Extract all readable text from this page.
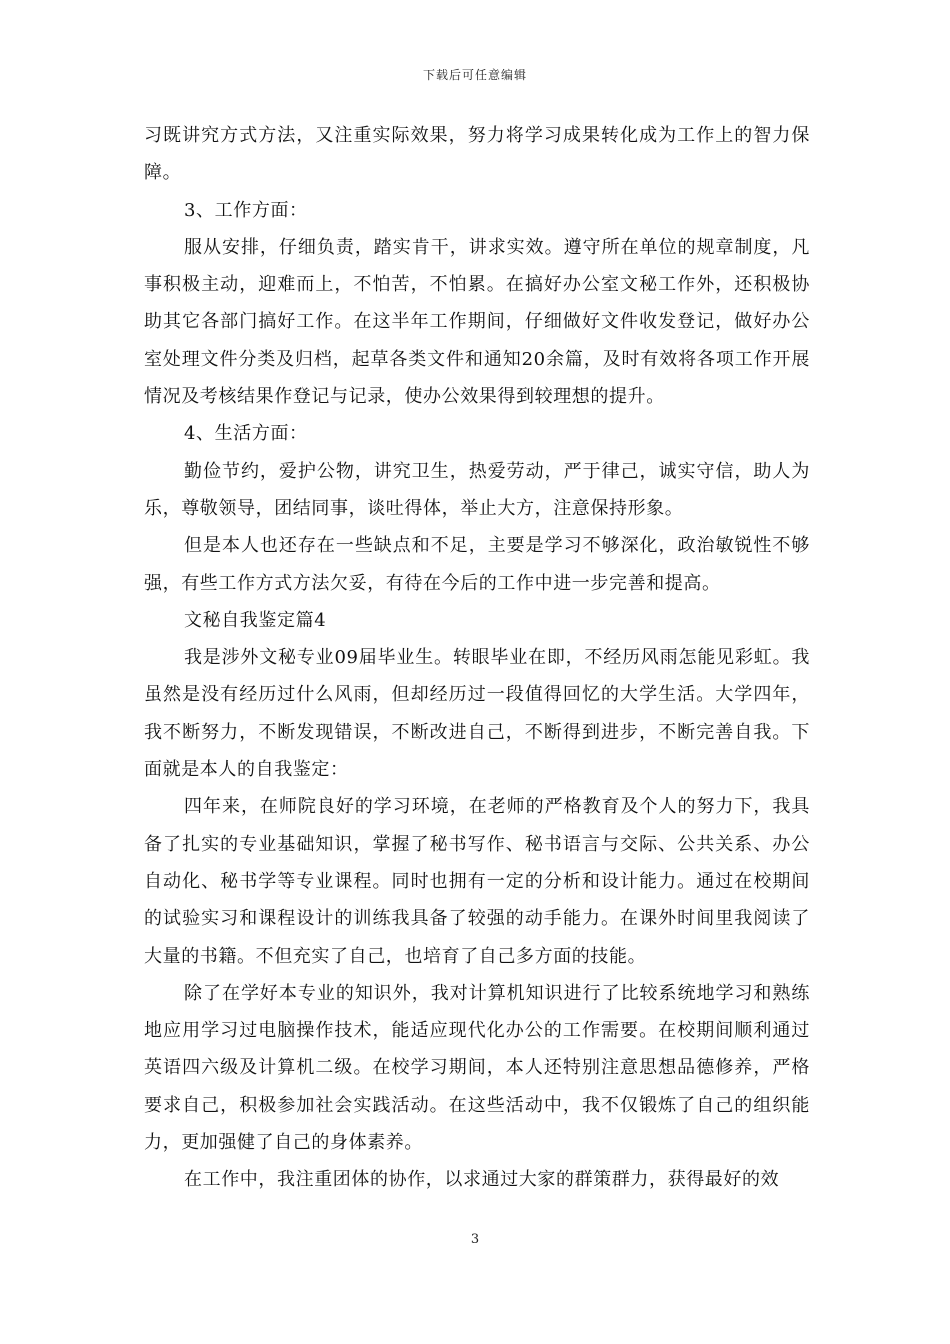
下载后可任意编辑

习既讲究方式方法，又注重实际效果，努力将学习成果转化成为工作上的智力保障。

3、工作方面：

服从安排，仔细负责，踏实肯干，讲求实效。遵守所在单位的规章制度，凡事积极主动，迎难而上，不怕苦，不怕累。在搞好办公室文秘工作外，还积极协助其它各部门搞好工作。在这半年工作期间，仔细做好文件收发登记，做好办公室处理文件分类及归档，起草各类文件和通知20余篇，及时有效将各项工作开展情况及考核结果作登记与记录，使办公效果得到较理想的提升。

4、生活方面：

勤俭节约，爱护公物，讲究卫生，热爱劳动，严于律己，诚实守信，助人为乐，尊敬领导，团结同事，谈吐得体，举止大方，注意保持形象。

但是本人也还存在一些缺点和不足，主要是学习不够深化，政治敏锐性不够强，有些工作方式方法欠妥，有待在今后的工作中进一步完善和提高。

文秘自我鉴定篇4

我是涉外文秘专业09届毕业生。转眼毕业在即，不经历风雨怎能见彩虹。我虽然是没有经历过什么风雨，但却经历过一段值得回忆的大学生活。大学四年，我不断努力，不断发现错误，不断改进自己，不断得到进步，不断完善自我。下面就是本人的自我鉴定：

四年来，在师院良好的学习环境，在老师的严格教育及个人的努力下，我具备了扎实的专业基础知识，掌握了秘书写作、秘书语言与交际、公共关系、办公自动化、秘书学等专业课程。同时也拥有一定的分析和设计能力。通过在校期间的试验实习和课程设计的训练我具备了较强的动手能力。在课外时间里我阅读了大量的书籍。不但充实了自己，也培育了自己多方面的技能。

除了在学好本专业的知识外，我对计算机知识进行了比较系统地学习和熟练地应用学习过电脑操作技术，能适应现代化办公的工作需要。在校期间顺利通过英语四六级及计算机二级。在校学习期间，本人还特别注意思想品德修养，严格要求自己，积极参加社会实践活动。在这些活动中，我不仅锻炼了自己的组织能力，更加强健了自己的身体素养。

在工作中，我注重团体的协作，以求通过大家的群策群力，获得最好的效

3
